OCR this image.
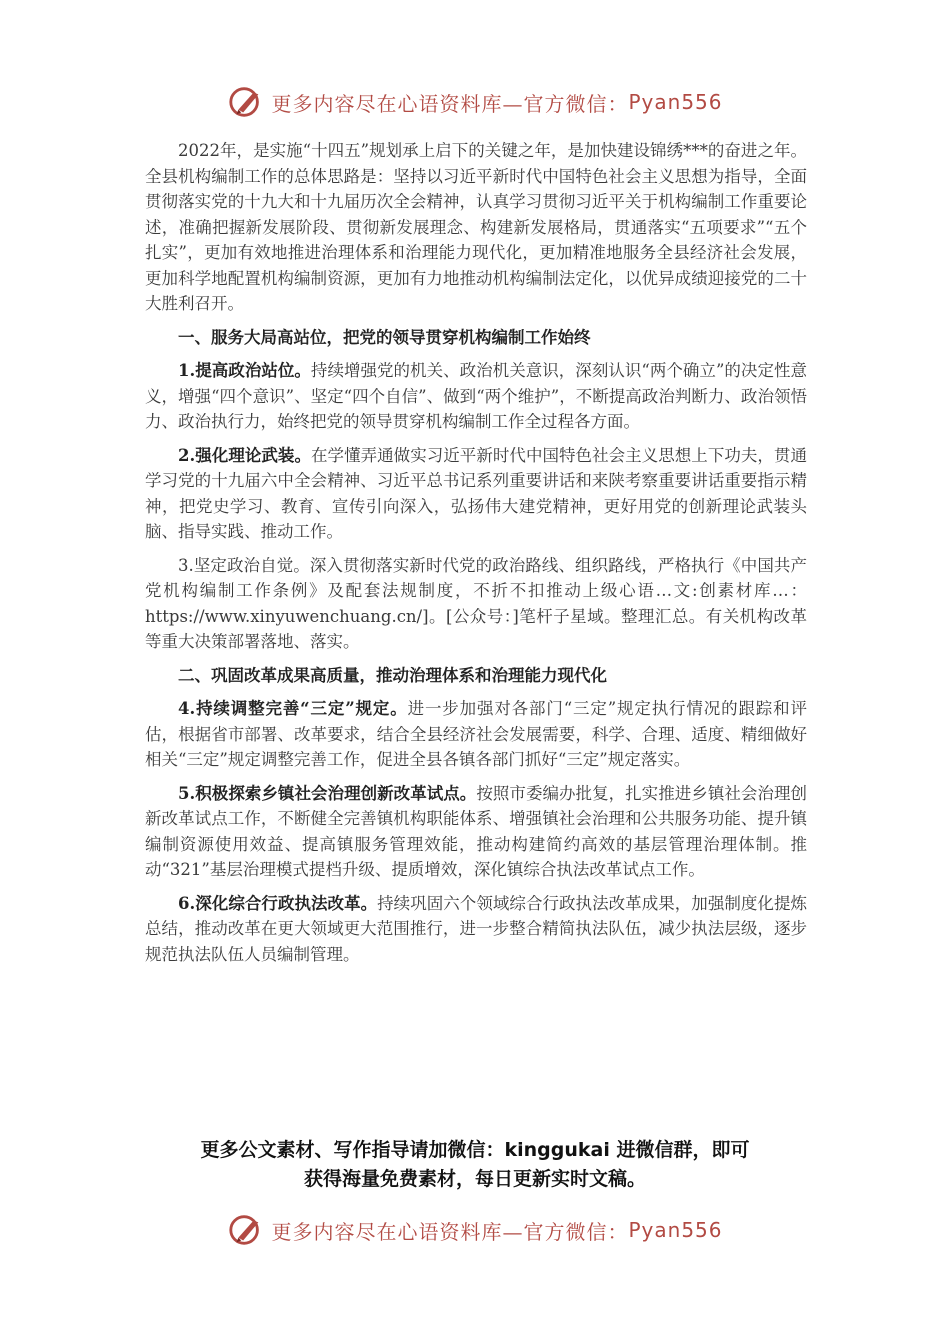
更多内容尽在心语资料库—官方微信： Pyan556

2022年，是实施“十四五”规划承上启下的关键之年，是加快建设锦绣***的奋进之年。全县机构编制工作的总体思路是：坚持以习近平新时代中国特色社会主义思想为指导，全面贯彻落实党的十九大和十九届历次全会精神，认真学习贯彻习近平关于机构编制工作重要论述，准确把握新发展阶段、贯彻新发展理念、构建新发展格局，贯通落实“五项要求”“五个扎实”，更加有效地推进治理体系和治理能力现代化，更加精准地服务全县经济社会发展，更加科学地配置机构编制资源，更加有力地推动机构编制法定化，以优异成绩迎接党的二十大胜利召开。

一、服务大局高站位，把党的领导贯穿机构编制工作始终

1.提高政治站位。持续增强党的机关、政治机关意识，深刻认识“两个确立”的决定性意义，增强“四个意识”、坚定“四个自信”、做到“两个维护”，不断提高政治判断力、政治领悟力、政治执行力，始终把党的领导贯穿机构编制工作全过程各方面。

2.强化理论武装。在学懂弄通做实习近平新时代中国特色社会主义思想上下功夫，贯通学习党的十九届六中全会精神、习近平总书记系列重要讲话和来陕考察重要讲话重要指示精神，把党史学习、教育、宣传引向深入，弘扬伟大建党精神，更好用党的创新理论武装头脑、指导实践、推动工作。

3.坚定政治自觉。深入贯彻落实新时代党的政治路线、组织路线，严格执行《中国共产党机构编制工作条例》及配套法规制度，不折不扣推动上级心语…文:创素材库…：https://www.xinyuwenchuang.cn/]。[公众号：]笔杆子星域。整理汇总。有关机构改革等重大决策部署落地、落实。

二、巩固改革成果高质量，推动治理体系和治理能力现代化

4.持续调整完善“三定”规定。进一步加强对各部门“三定”规定执行情况的跟踪和评估，根据省市部署、改革要求，结合全县经济社会发展需要，科学、合理、适度、精细做好相关“三定”规定调整完善工作，促进全县各镇各部门抓好“三定”规定落实。

5.积极探索乡镇社会治理创新改革试点。按照市委编办批复，扎实推进乡镇社会治理创新改革试点工作，不断健全完善镇机构职能体系、增强镇社会治理和公共服务功能、提升镇编制资源使用效益、提高镇服务管理效能，推动构建简约高效的基层管理治理体制。推动“321”基层治理模式提档升级、提质增效，深化镇综合执法改革试点工作。

6.深化综合行政执法改革。持续巩固六个领域综合行政执法改革成果，加强制度化提炼总结，推动改革在更大领域更大范围推行，进一步整合精简执法队伍，减少执法层级，逐步规范执法队伍人员编制管理。

更多公文素材、写作指导请加微信：kinggukai 进微信群，即可
获得海量免费素材，每日更新实时文稿。
更多内容尽在心语资料库—官方微信： Pyan556
